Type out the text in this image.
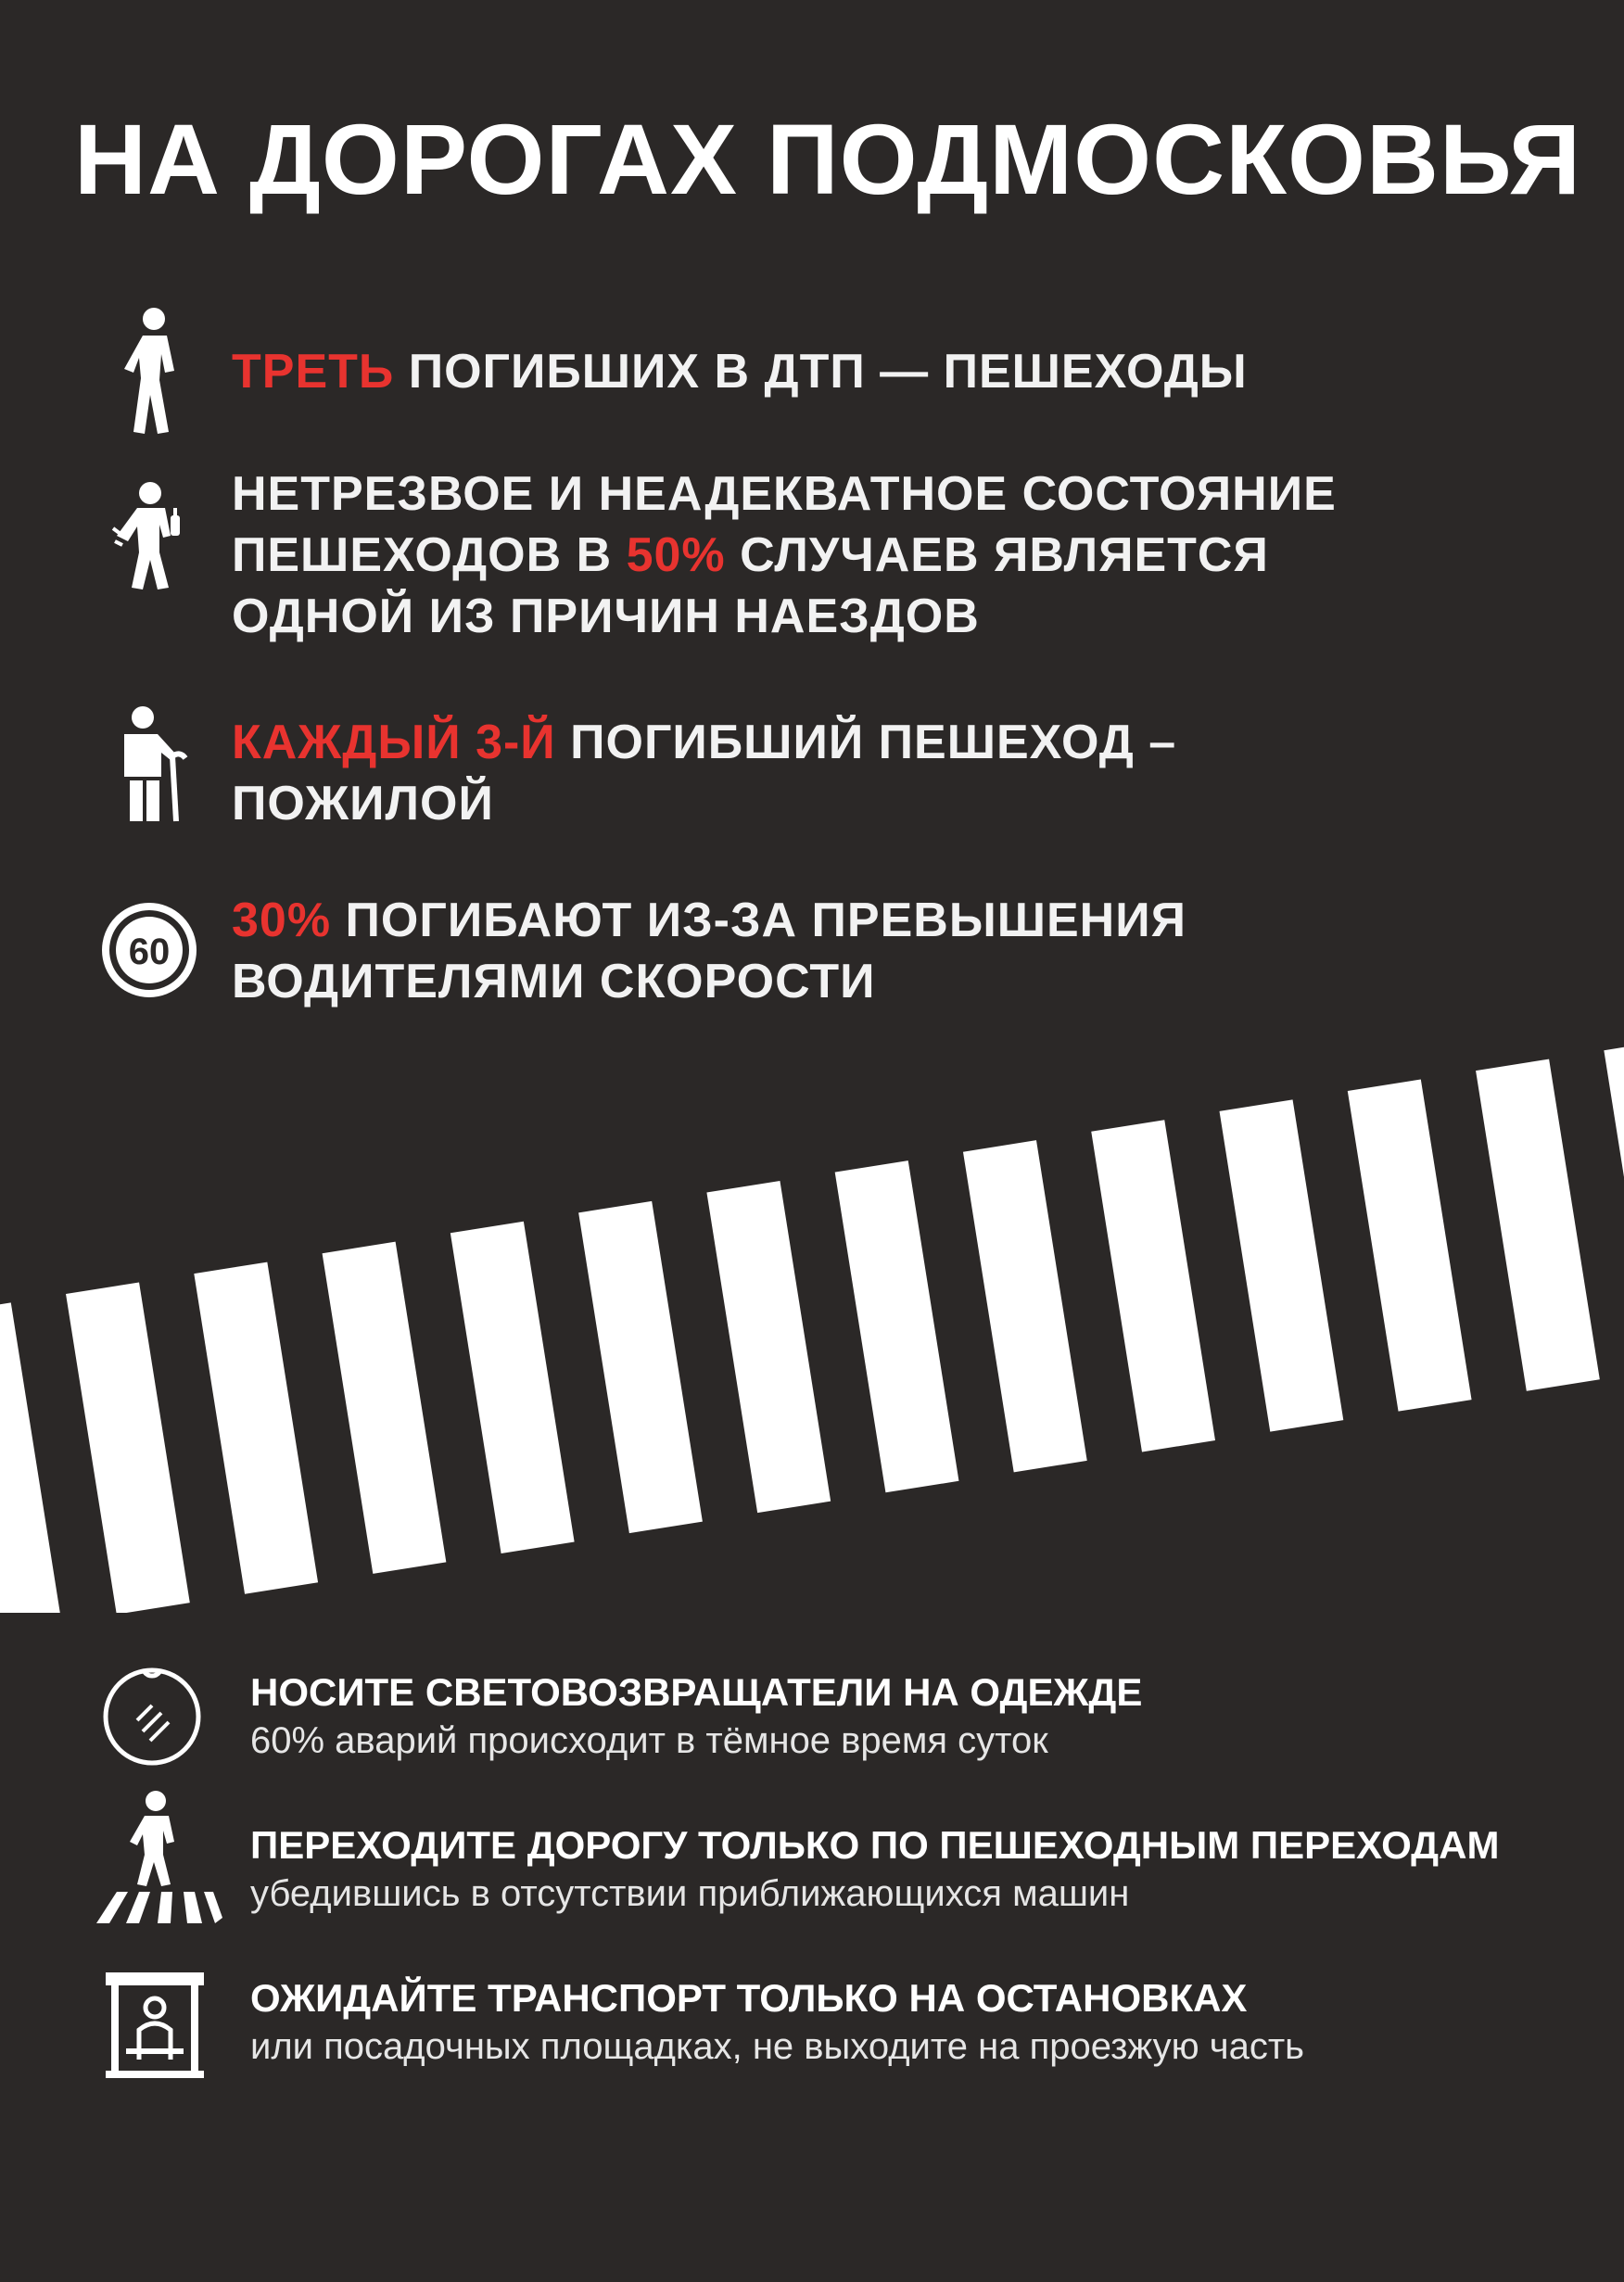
НА ДОРОГАХ ПОДМОСКОВЬЯ
ТРЕТЬ ПОГИБШИХ В ДТП — ПЕШЕХОДЫ
НЕТРЕЗВОЕ И НЕАДЕКВАТНОЕ СОСТОЯНИЕ
ПЕШЕХОДОВ В 50% СЛУЧАЕВ ЯВЛЯЕТСЯ
ОДНОЙ ИЗ ПРИЧИН НАЕЗДОВ
КАЖДЫЙ 3-Й ПОГИБШИЙ ПЕШЕХОД –
ПОЖИЛОЙ
60
30% ПОГИБАЮТ ИЗ-ЗА ПРЕВЫШЕНИЯ
ВОДИТЕЛЯМИ СКОРОСТИ
НОСИТЕ СВЕТОВОЗВРАЩАТЕЛИ НА ОДЕЖДЕ
60% аварий происходит в тёмное время суток
ПЕРЕХОДИТЕ ДОРОГУ ТОЛЬКО ПО ПЕШЕХОДНЫМ ПЕРЕХОДАМ
убедившись в отсутствии приближающихся машин
ОЖИДАЙТЕ ТРАНСПОРТ ТОЛЬКО НА ОСТАНОВКАХ
или посадочных площадках, не выходите на проезжую часть
